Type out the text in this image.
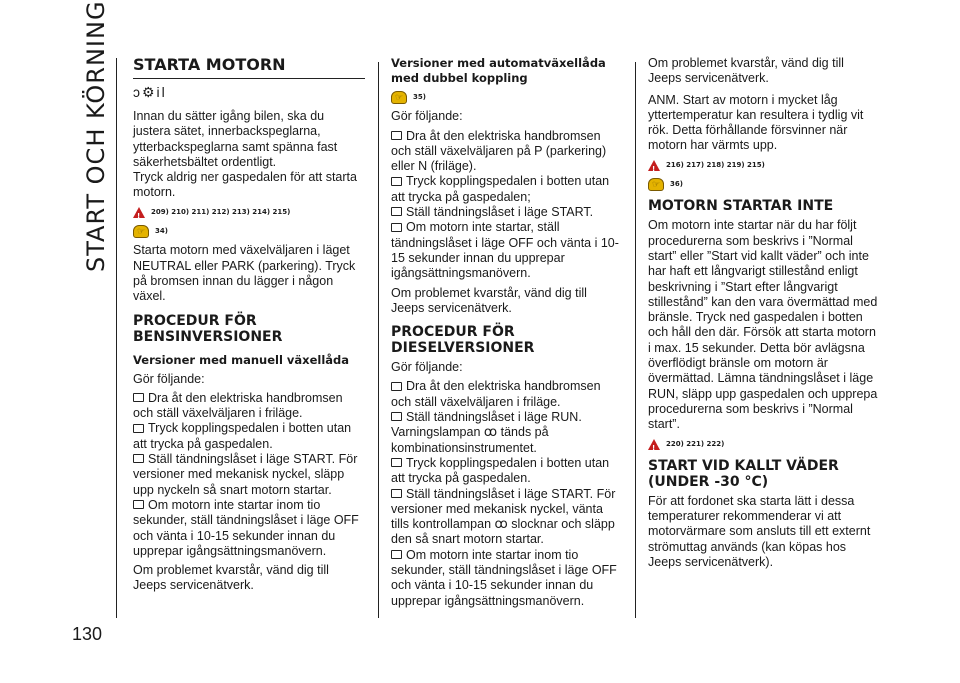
START OCH KÖRNING
130
STARTA MOTORN
ↄ⚙il

Innan du sätter igång bilen, ska du justera sätet, innerbackspeglarna, ytterbackspeglarna samt spänna fast säkerhetsbältet ordentligt.

Tryck aldrig ner gaspedalen för att starta motorn.

!
209) 210) 211) 212) 213) 214) 215)
☞ 34)

Starta motorn med växelväljaren i läget NEUTRAL eller PARK (parkering). Tryck på bromsen innan du lägger i någon växel.

PROCEDUR FÖR BENSINVERSIONER

Versioner med manuell växellåda

Gör följande:

Dra åt den elektriska handbromsen och ställ växelväljaren i friläge.

Tryck kopplingspedalen i botten utan att trycka på gaspedalen.

Ställ tändningslåset i läge START. För versioner med mekanisk nyckel, släpp upp nyckeln så snart motorn startar.

Om motorn inte startar inom tio sekunder, ställ tändningslåset i läge OFF och vänta i 10-15 sekunder innan du upprepar igångsättningsmanövern.

Om problemet kvarstår, vänd dig till Jeeps servicenätverk.

Versioner med automatväxellåda med dubbel koppling

☞ 35)

Gör följande:

Dra åt den elektriska handbromsen och ställ växelväljaren på P (parkering) eller N (friläge).

Tryck kopplingspedalen i botten utan att trycka på gaspedalen;

Ställ tändningslåset i läge START.

Om motorn inte startar, ställ tändningslåset i läge OFF och vänta i 10-15 sekunder innan du upprepar igångsättningsmanövern.

Om problemet kvarstår, vänd dig till Jeeps servicenätverk.

PROCEDUR FÖR DIESELVERSIONER

Gör följande:

Dra åt den elektriska handbromsen och ställ växelväljaren i friläge.

Ställ tändningslåset i läge RUN.

Varningslampan ꝏ tänds på kombinationsinstrumentet.

Tryck kopplingspedalen i botten utan att trycka på gaspedalen.

Ställ tändningslåset i läge START. För versioner med mekanisk nyckel, vänta

tills kontrollampan ꝏ slocknar och släpp den så snart motorn startar.

Om motorn inte startar inom tio sekunder, ställ tändningslåset i läge OFF och vänta i 10-15 sekunder innan du upprepar igångsättningsmanövern.

Om problemet kvarstår, vänd dig till Jeeps servicenätverk.

ANM. Start av motorn i mycket låg yttertemperatur kan resultera i tydlig vit rök. Detta förhållande försvinner när motorn har värmts upp.

!
216) 217) 218) 219) 215)
☞ 36)
MOTORN STARTAR INTE

Om motorn inte startar när du har följt procedurerna som beskrivs i ”Normal start” eller ”Start vid kallt väder” och inte har haft ett långvarigt stillestånd enligt beskrivning i ”Start efter långvarigt stillestånd” kan den vara övermättad med bränsle. Tryck ned gaspedalen i botten och håll den där. Försök att starta motorn i max. 15 sekunder. Detta bör avlägsna överflödigt bränsle om motorn är övermättad. Lämna tändningslåset i läge RUN, släpp upp gaspedalen och upprepa procedurerna som beskrivs i ”Normal start”.

!
220) 221) 222)
START VID KALLT VÄDER (UNDER -30 °C)

För att fordonet ska starta lätt i dessa temperaturer rekommenderar vi att motorvärmare som ansluts till ett externt strömuttag används (kan köpas hos Jeeps servicenätverk).
